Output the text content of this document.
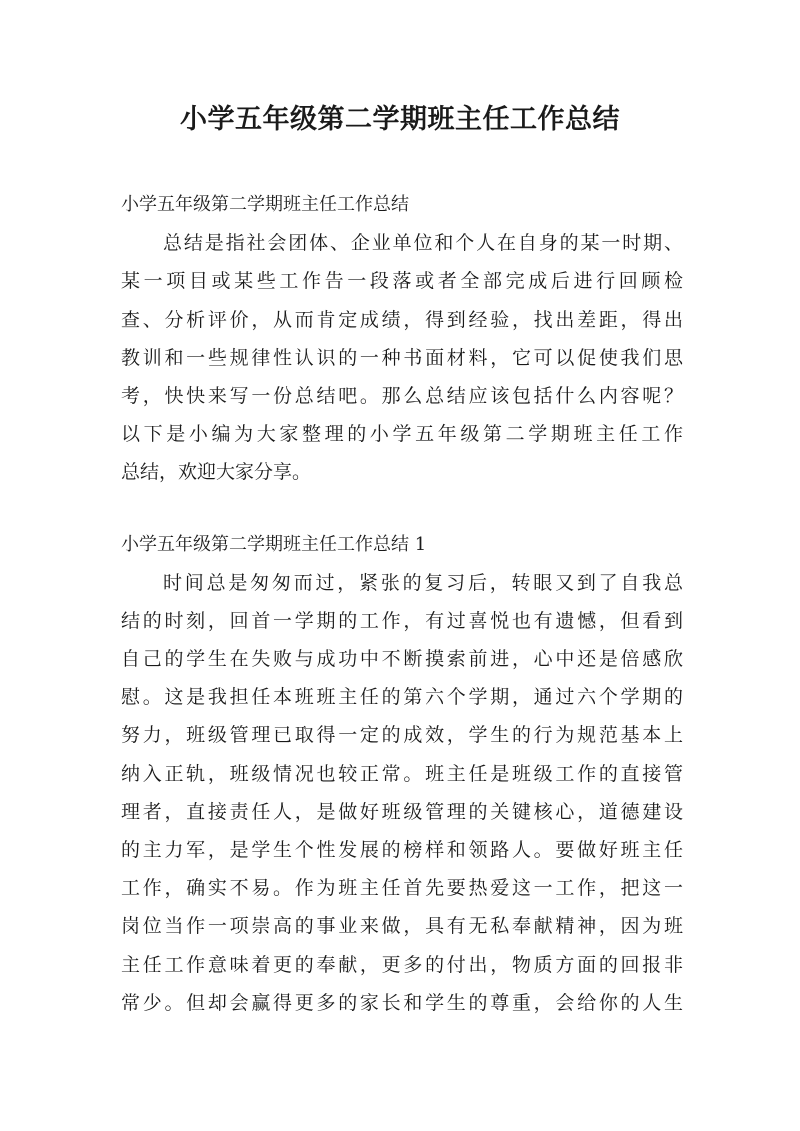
小学五年级第二学期班主任工作总结
小学五年级第二学期班主任工作总结
总结是指社会团体、企业单位和个人在自身的某一时期、
某一项目或某些工作告一段落或者全部完成后进行回顾检
查、分析评价，从而肯定成绩，得到经验，找出差距，得出
教训和一些规律性认识的一种书面材料，它可以促使我们思
考，快快来写一份总结吧。那么总结应该包括什么内容呢？
以下是小编为大家整理的小学五年级第二学期班主任工作
总结，欢迎大家分享。
小学五年级第二学期班主任工作总结 1
时间总是匆匆而过，紧张的复习后，转眼又到了自我总
结的时刻，回首一学期的工作，有过喜悦也有遗憾，但看到
自己的学生在失败与成功中不断摸索前进，心中还是倍感欣
慰。这是我担任本班班主任的第六个学期，通过六个学期的
努力，班级管理已取得一定的成效，学生的行为规范基本上
纳入正轨，班级情况也较正常。班主任是班级工作的直接管
理者，直接责任人，是做好班级管理的关键核心，道德建设
的主力军，是学生个性发展的榜样和领路人。要做好班主任
工作，确实不易。作为班主任首先要热爱这一工作，把这一
岗位当作一项崇高的事业来做，具有无私奉献精神，因为班
主任工作意味着更的奉献，更多的付出，物质方面的回报非
常少。但却会赢得更多的家长和学生的尊重，会给你的人生
